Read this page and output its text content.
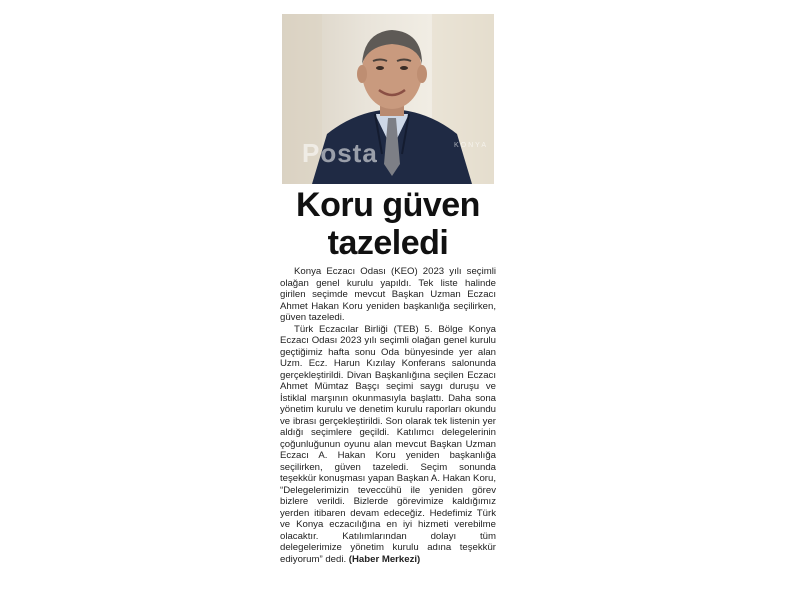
Posta	KONYA
Koru güven
tazeledi

Konya Eczacı Odası (KEO) 2023 yılı seçimli olağan genel kurulu yapıldı. Tek liste halinde girilen seçimde mevcut Başkan Uzman Eczacı Ahmet Hakan Koru yeniden başkanlığa seçilirken, güven tazeledi.

Türk Eczacılar Birliği (TEB) 5. Bölge Konya Eczacı Odası 2023 yılı seçimli olağan genel kurulu geçtiğimiz hafta sonu Oda bünyesinde yer alan Uzm. Ecz. Harun Kızılay Konferans salonunda gerçekleştirildi. Divan Başkanlığına seçilen Eczacı Ahmet Mümtaz Başçı seçimi saygı duruşu ve İstiklal marşının okunmasıyla başlattı. Daha sona yönetim kurulu ve denetim kurulu raporları okundu ve ibrası gerçekleştirildi. Son olarak tek listenin yer aldığı seçimlere geçildi. Katılımcı delegelerinin çoğunluğunun oyunu alan mevcut Başkan Uzman Eczacı A. Hakan Koru yeniden başkanlığa seçilirken, güven tazeledi. Seçim sonunda teşekkür konuşması yapan Başkan A. Hakan Koru, “Delegelerimizin teveccühü ile yeniden görev bizlere verildi. Bizlerde görevimize kaldığımız yerden itibaren devam edeceğiz. Hedefimiz Türk ve Konya eczacılığına en iyi hizmeti verebilme olacaktır. Katılımlarından dolayı tüm delegelerimize yönetim kurulu adına teşekkür ediyorum” dedi. (Haber Merkezi)
